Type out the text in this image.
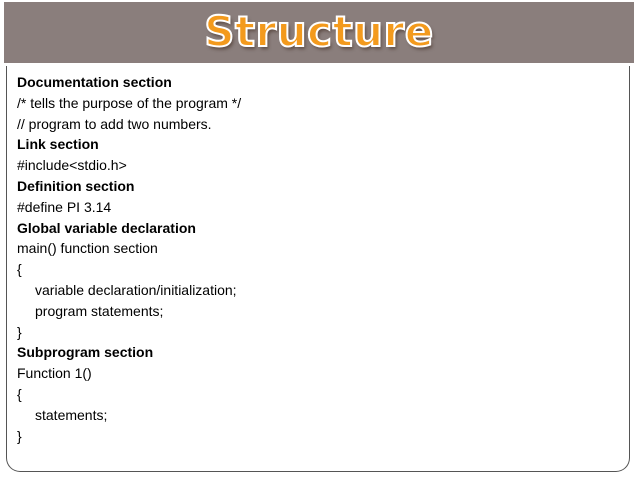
Structure
Documentation section
/* tells the purpose of the program */
// program to add two numbers.
Link section
#include<stdio.h>
Definition section
#define PI 3.14
Global variable declaration
main() function section
{
variable declaration/initialization;
program statements;
}
Subprogram section
Function 1()
{
statements;
}
